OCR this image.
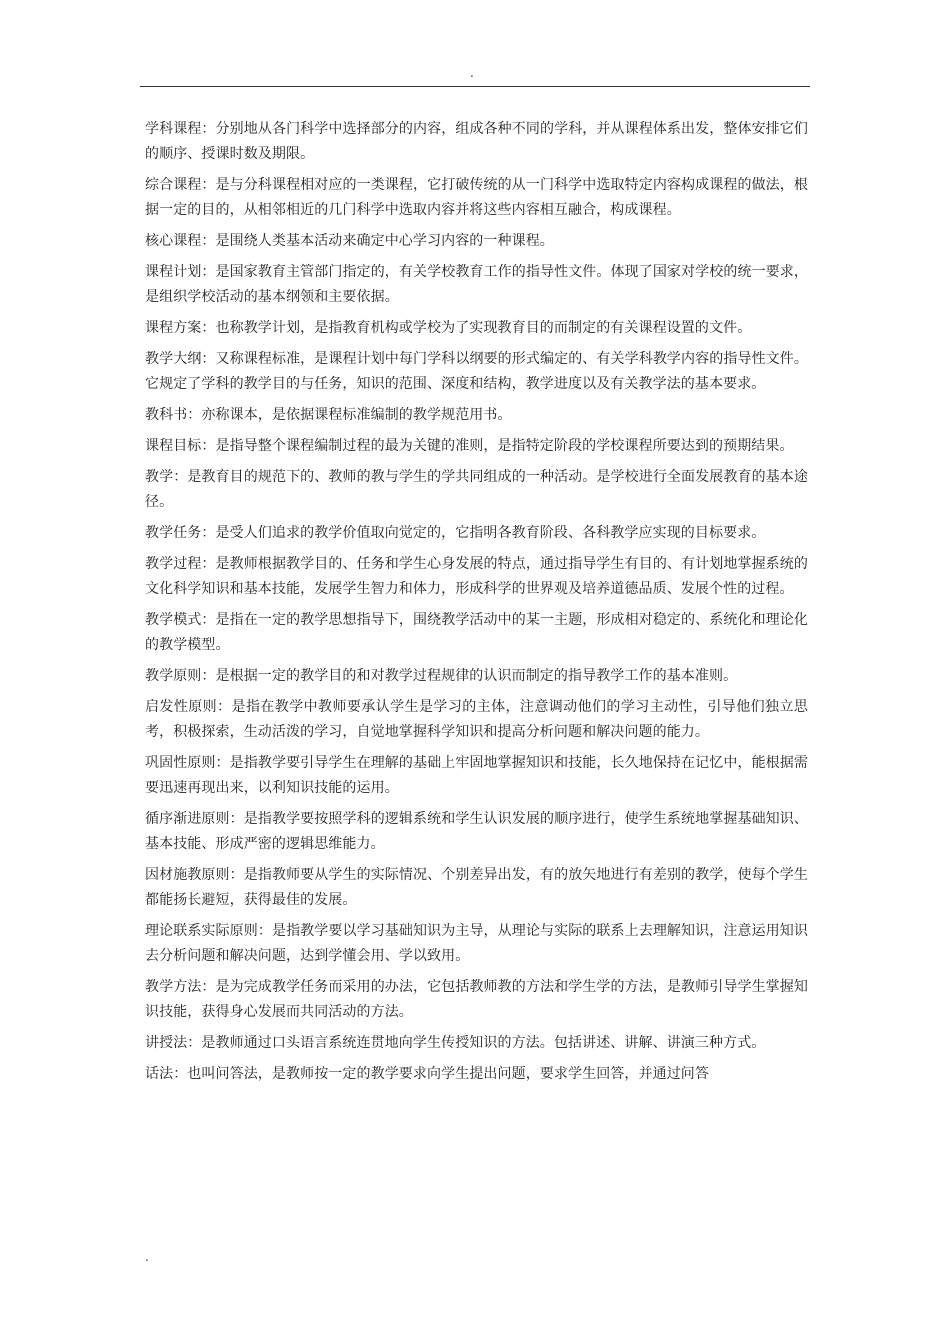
.

学科课程：分别地从各门科学中选择部分的内容，组成各种不同的学科，并从课程体系出发，整体安排它们的顺序、授课时数及期限。

综合课程：是与分科课程相对应的一类课程，它打破传统的从一门科学中选取特定内容构成课程的做法，根据一定的目的，从相邻相近的几门科学中选取内容并将这些内容相互融合，构成课程。

核心课程：是围绕人类基本活动来确定中心学习内容的一种课程。

课程计划：是国家教育主管部门指定的，有关学校教育工作的指导性文件。体现了国家对学校的统一要求，是组织学校活动的基本纲领和主要依据。

课程方案：也称教学计划，是指教育机构或学校为了实现教育目的而制定的有关课程设置的文件。

教学大纲：又称课程标准，是课程计划中每门学科以纲要的形式编定的、有关学科教学内容的指导性文件。它规定了学科的教学目的与任务，知识的范围、深度和结构，教学进度以及有关教学法的基本要求。

教科书：亦称课本，是依据课程标准编制的教学规范用书。

课程目标：是指导整个课程编制过程的最为关键的准则，是指特定阶段的学校课程所要达到的预期结果。

教学：是教育目的规范下的、教师的教与学生的学共同组成的一种活动。是学校进行全面发展教育的基本途径。

教学任务：是受人们追求的教学价值取向觉定的，它指明各教育阶段、各科教学应实现的目标要求。

教学过程：是教师根据教学目的、任务和学生心身发展的特点，通过指导学生有目的、有计划地掌握系统的文化科学知识和基本技能，发展学生智力和体力，形成科学的世界观及培养道德品质、发展个性的过程。

教学模式：是指在一定的教学思想指导下，围绕教学活动中的某一主题，形成相对稳定的、系统化和理论化的教学模型。

教学原则：是根据一定的教学目的和对教学过程规律的认识而制定的指导教学工作的基本准则。

启发性原则：是指在教学中教师要承认学生是学习的主体，注意调动他们的学习主动性，引导他们独立思考，积极探索，生动活泼的学习，自觉地掌握科学知识和提高分析问题和解决问题的能力。

巩固性原则：是指教学要引导学生在理解的基础上牢固地掌握知识和技能，长久地保持在记忆中，能根据需要迅速再现出来，以利知识技能的运用。

循序渐进原则：是指教学要按照学科的逻辑系统和学生认识发展的顺序进行，使学生系统地掌握基础知识、基本技能、形成严密的逻辑思维能力。

因材施教原则：是指教师要从学生的实际情况、个别差异出发，有的放矢地进行有差别的教学，使每个学生都能扬长避短，获得最佳的发展。

理论联系实际原则：是指教学要以学习基础知识为主导，从理论与实际的联系上去理解知识，注意运用知识去分析问题和解决问题，达到学懂会用、学以致用。

教学方法：是为完成教学任务而采用的办法，它包括教师教的方法和学生学的方法，是教师引导学生掌握知识技能，获得身心发展而共同活动的方法。

讲授法：是教师通过口头语言系统连贯地向学生传授知识的方法。包括讲述、讲解、讲演三种方式。

话法：也叫问答法，是教师按一定的教学要求向学生提出问题，要求学生回答，并通过问答

.
